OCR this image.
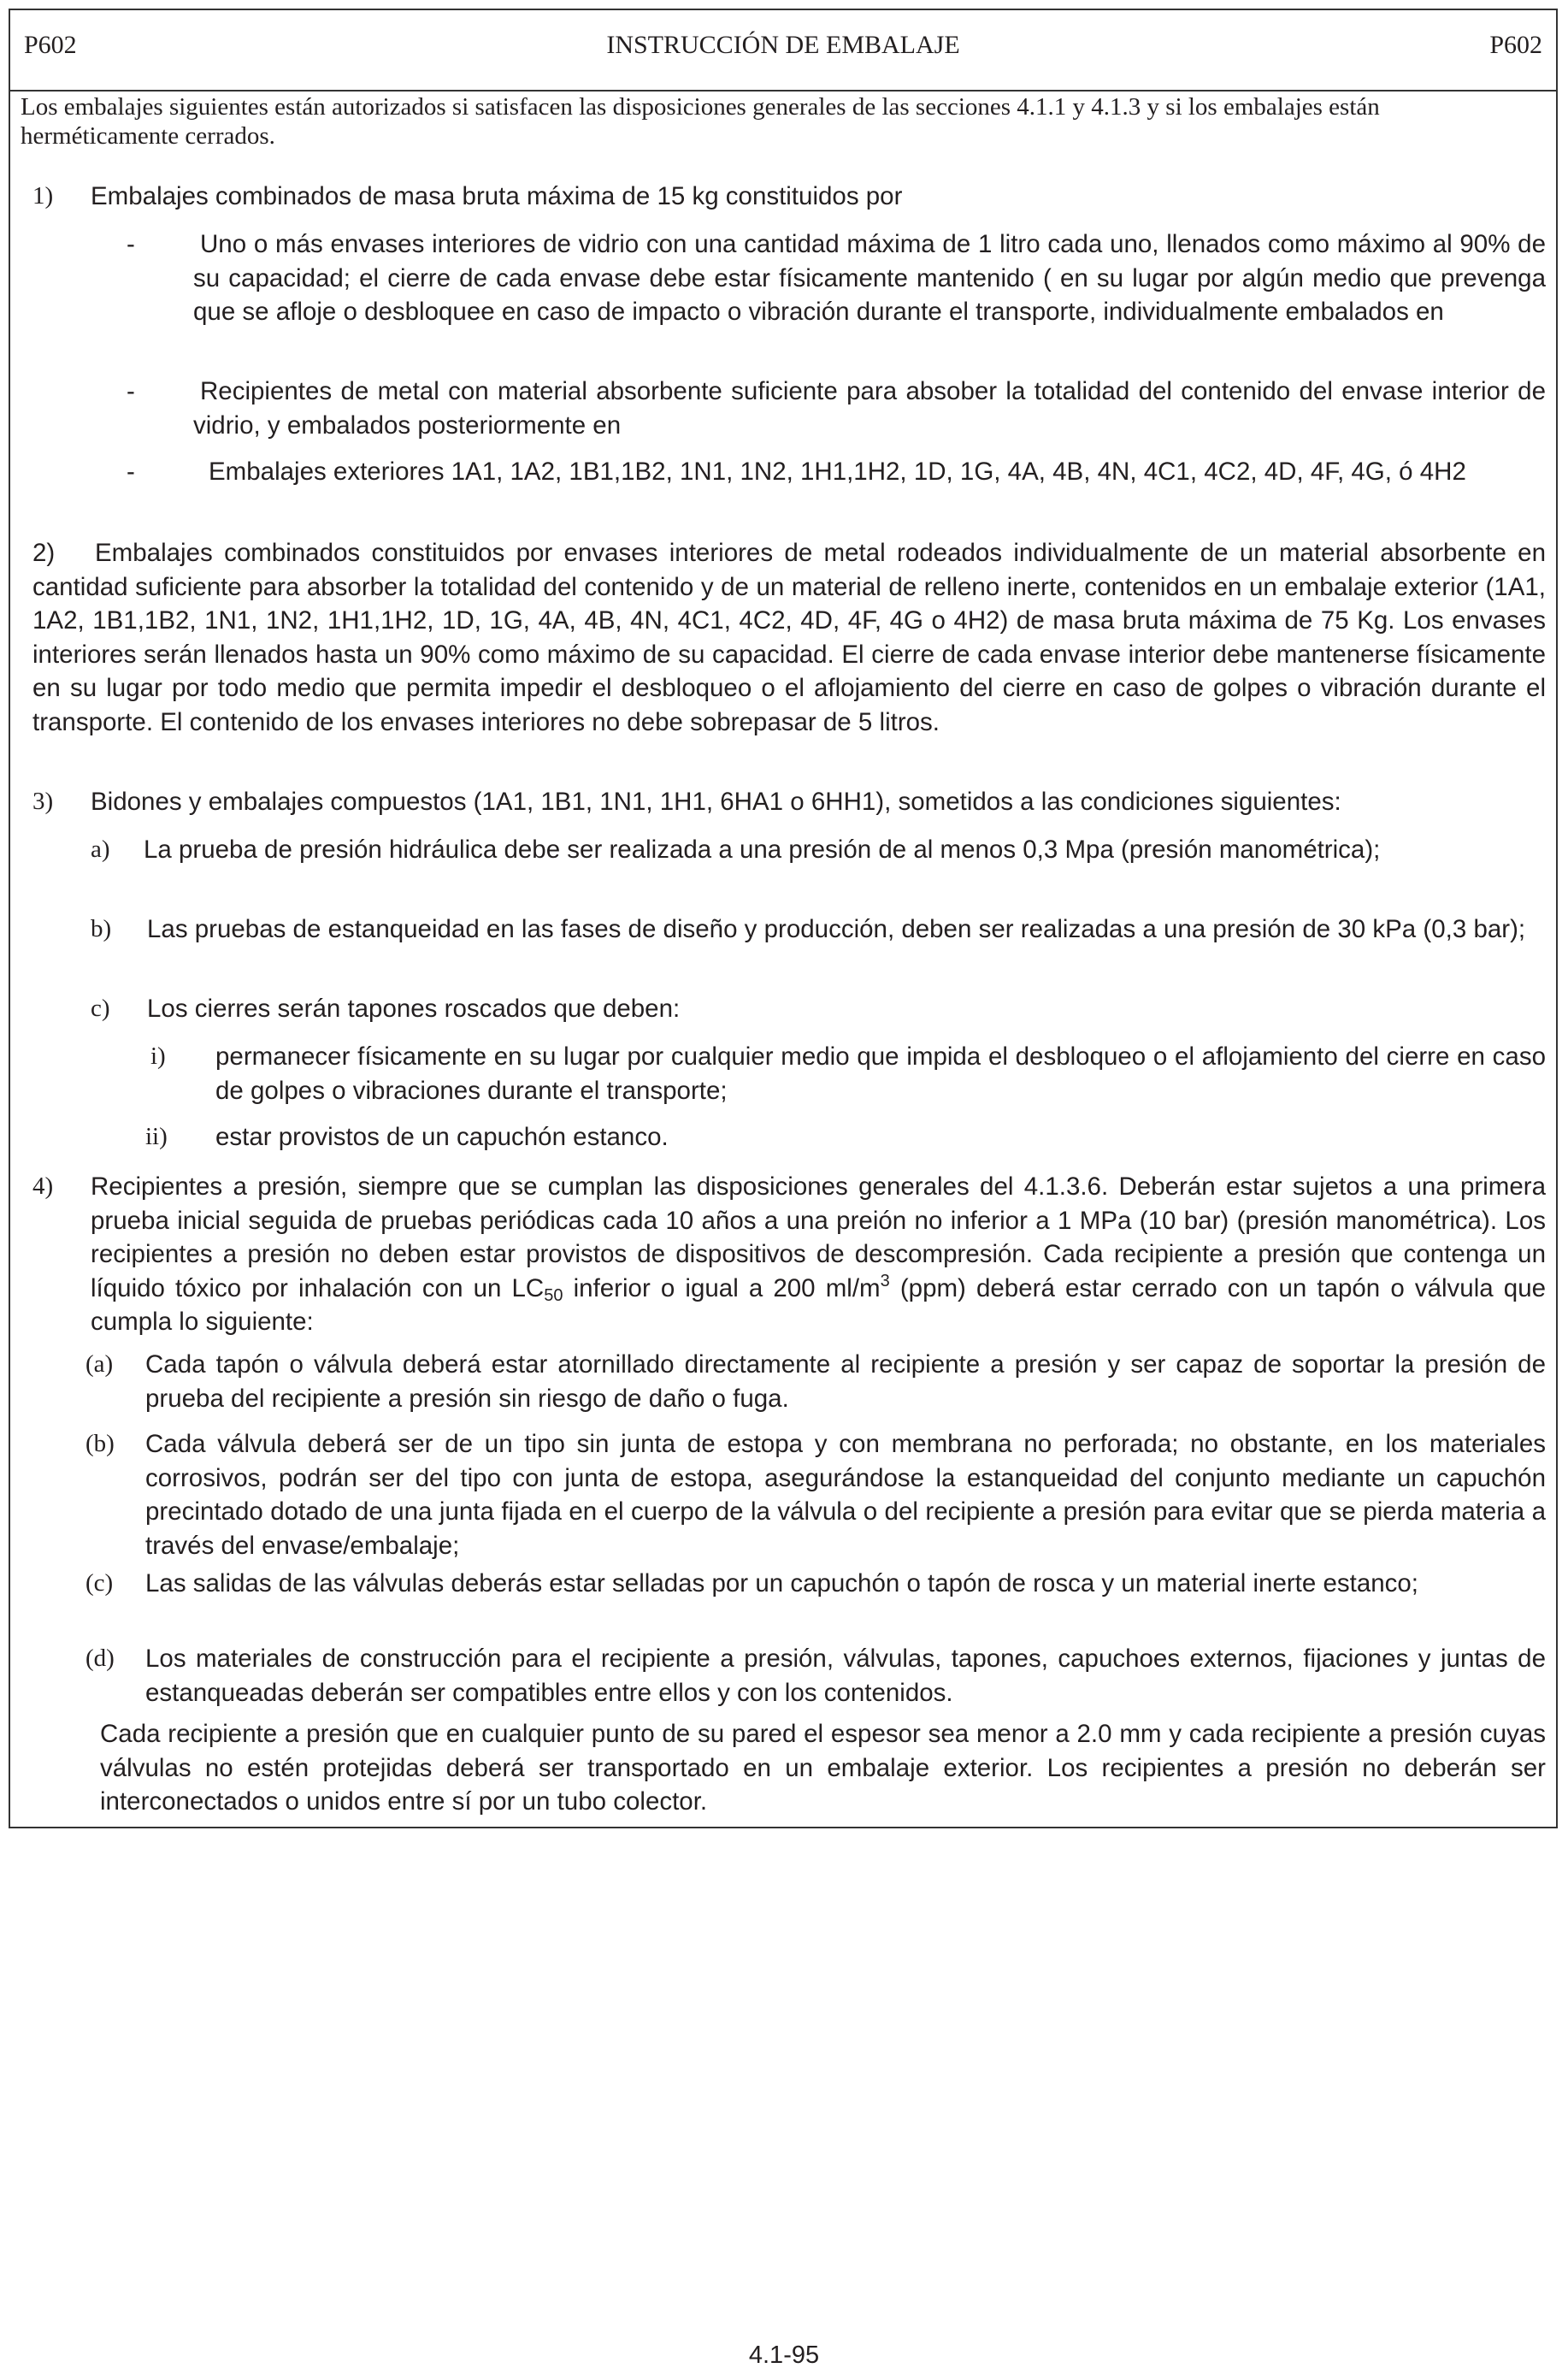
P602	INSTRUCCIÓN DE EMBALAJE	P602
Los embalajes siguientes están autorizados si satisfacen las disposiciones generales de las secciones 4.1.1 y 4.1.3 y si los embalajes están herméticamente cerrados.
1) Embalajes combinados de masa bruta máxima de 15 kg constituidos por
-	Uno o más envases interiores de vidrio con una cantidad máxima de 1 litro cada uno, llenados como máximo al 90% de su capacidad; el cierre de cada envase debe estar físicamente mantenido ( en su lugar por algún medio que prevenga que se afloje o desbloquee en caso de impacto o vibración durante el transporte, individualmente embalados en
-	Recipientes de metal con material absorbente suficiente para absober la totalidad del contenido del envase interior de vidrio, y embalados posteriormente en
-	Embalajes exteriores 1A1, 1A2, 1B1,1B2, 1N1, 1N2, 1H1,1H2, 1D, 1G, 4A, 4B, 4N, 4C1, 4C2, 4D, 4F, 4G, ó 4H2
2)	Embalajes combinados constituidos por envases interiores de metal rodeados individualmente de un material absorbente en cantidad suficiente para absorber la totalidad del contenido y de un material de relleno inerte, contenidos en un embalaje exterior (1A1, 1A2, 1B1,1B2, 1N1, 1N2, 1H1,1H2, 1D, 1G, 4A, 4B, 4N, 4C1, 4C2, 4D, 4F, 4G o 4H2) de masa bruta máxima de 75 Kg. Los envases interiores serán llenados hasta un 90% como máximo de su capacidad. El cierre de cada envase interior debe mantenerse físicamente en su lugar por todo medio que permita impedir el desbloqueo o el aflojamiento del cierre en caso de golpes o vibración durante el transporte. El contenido de los envases interiores no debe sobrepasar de 5 litros.
3) Bidones y embalajes compuestos (1A1, 1B1, 1N1, 1H1, 6HA1 o 6HH1), sometidos a las condiciones siguientes:
a) La prueba de presión hidráulica debe ser realizada a una presión de al menos 0,3 Mpa (presión manométrica);
b) Las pruebas de estanqueidad en las fases de diseño y producción, deben ser realizadas a una presión de 30 kPa (0,3 bar);
c) Los cierres serán tapones roscados que deben:
i) permanecer físicamente en su lugar por cualquier medio que impida el desbloqueo o el aflojamiento del cierre en caso de golpes o vibraciones durante el transporte;
ii) estar provistos de un capuchón estanco.
4) Recipientes a presión, siempre que se cumplan las disposiciones generales del 4.1.3.6. Deberán estar sujetos a una primera prueba inicial seguida de pruebas periódicas cada 10 años a una preión no inferior a 1 MPa (10 bar) (presión manométrica). Los recipientes a presión no deben estar provistos de dispositivos de descompresión. Cada recipiente a presión que contenga un líquido tóxico por inhalación con un $LC_{50}$ inferior o igual a 200 $ml/m^3$ (ppm) deberá estar cerrado con un tapón o válvula que cumpla lo siguiente:
(a) Cada tapón o válvula deberá estar atornillado directamente al recipiente a presión y ser capaz de soportar la presión de prueba del recipiente a presión sin riesgo de daño o fuga.
(b) Cada válvula deberá ser de un tipo sin junta de estopa y con membrana no perforada; no obstante, en los materiales corrosivos, podrán ser del tipo con junta de estopa, asegurándose la estanqueidad del conjunto mediante un capuchón precintado dotado de una junta fijada en el cuerpo de la válvula o del recipiente a presión para evitar que se pierda materia a través del envase/embalaje;
(c) Las salidas de las válvulas deberás estar selladas por un capuchón o tapón de rosca y un material inerte estanco;
(d) Los materiales de construcción para el recipiente a presión, válvulas, tapones, capuchoes externos, fijaciones y juntas de estanqueadas deberán ser compatibles entre ellos y con los contenidos.
Cada recipiente a presión que en cualquier punto de su pared el espesor sea menor a 2.0 mm y cada recipiente a presión cuyas válvulas no estén protejidas deberá ser transportado en un embalaje exterior. Los recipientes a presión no deberán ser interconectados o unidos entre sí por un tubo colector.
4.1-95
